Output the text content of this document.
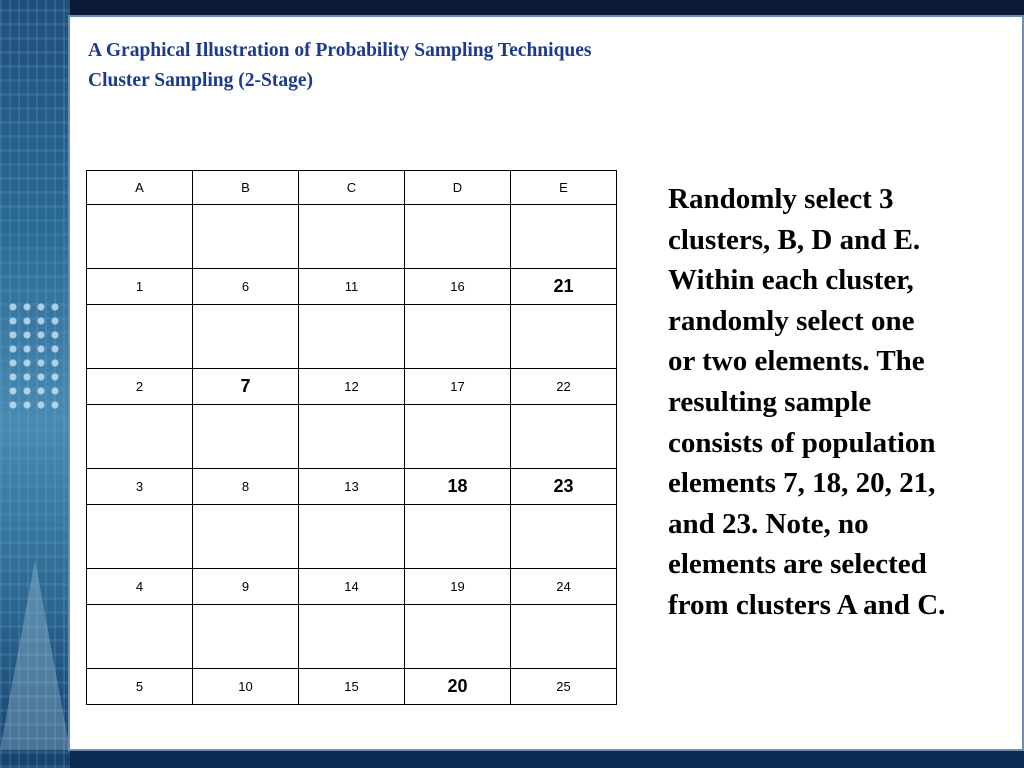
A Graphical Illustration of Probability Sampling Techniques
Cluster Sampling (2-Stage)
A	B	C	D	E

1	6	11	16	21

2	7	12	17	22

3	8	13	18	23

4	9	14	19	24

5	10	15	20	25

Randomly select 3

clusters, B, D and E.

Within each cluster,

randomly select one

or two elements. The

resulting sample

consists of population

elements 7, 18, 20, 21,

and 23. Note, no

elements are selected

from clusters A and C.
